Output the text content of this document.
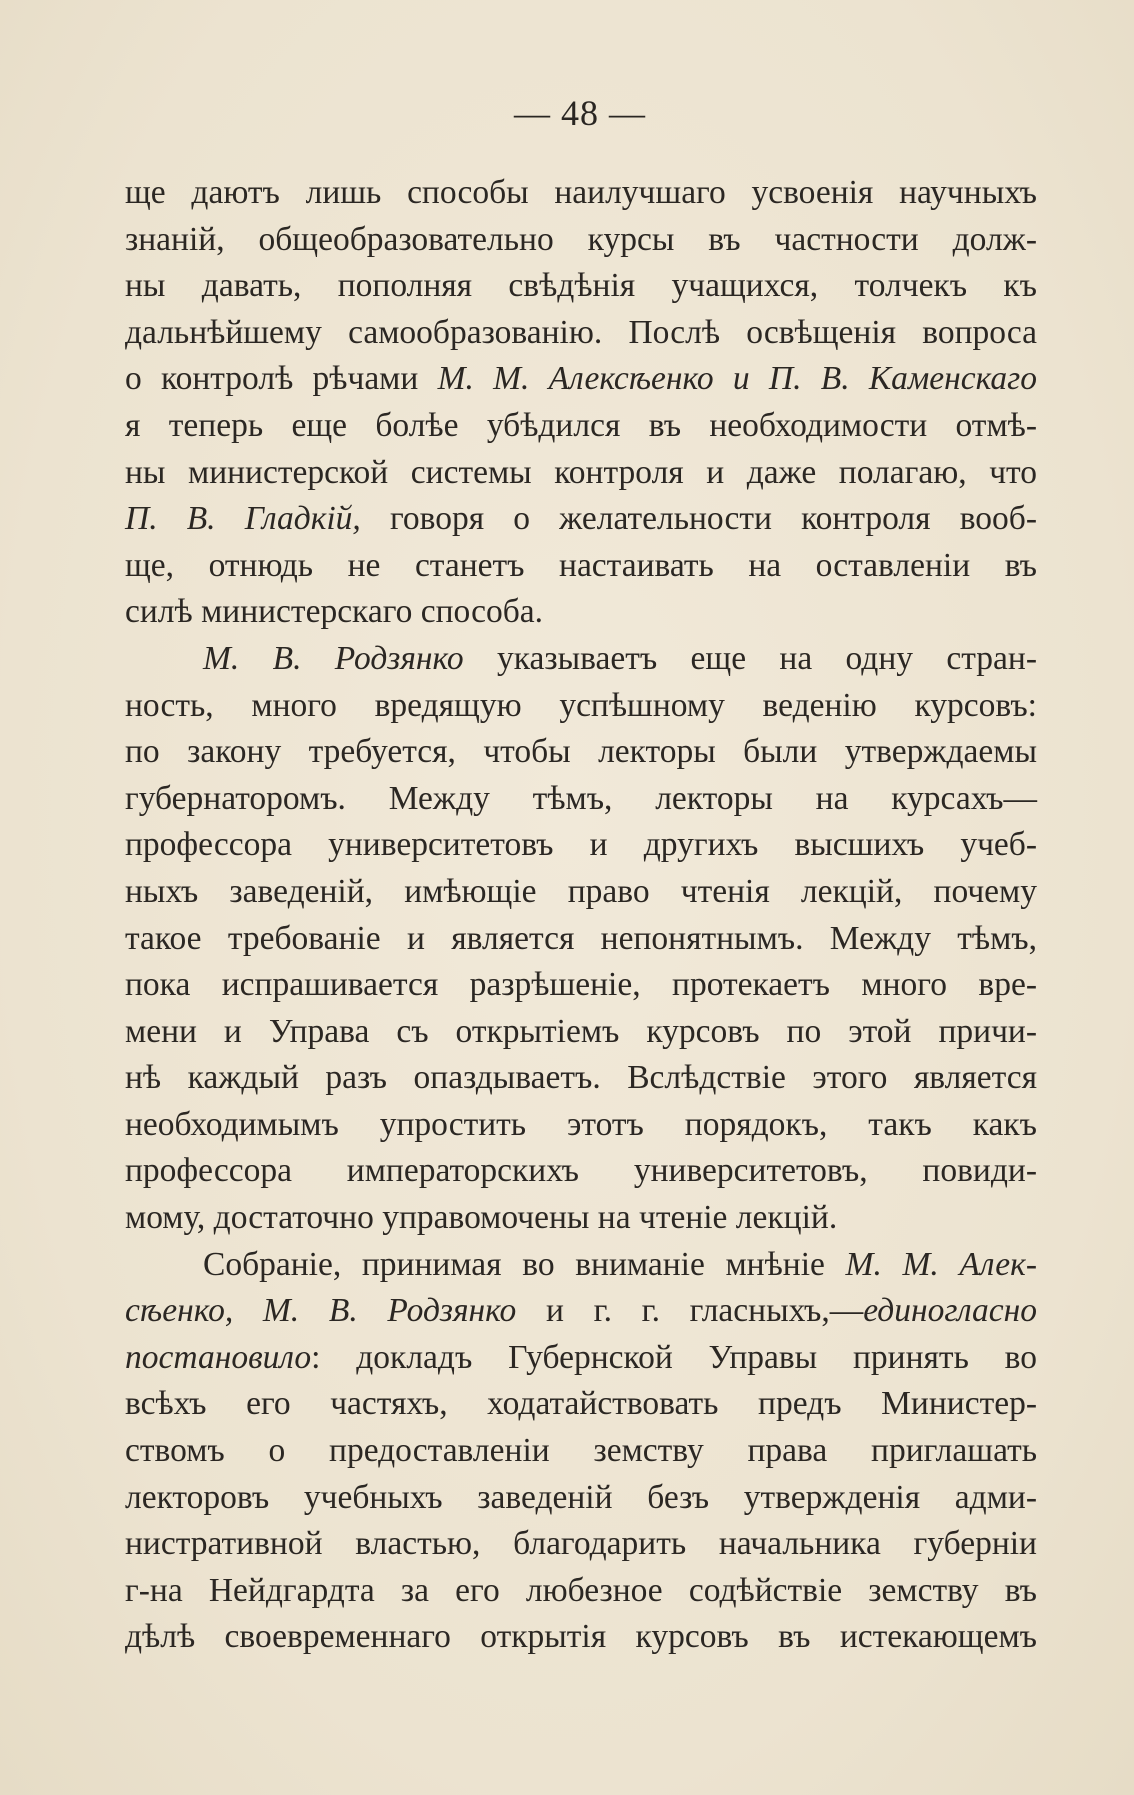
— 48 —
ще даютъ лишь способы наилучшаго усвоенія научныхъ
знаній, общеобразовательно курсы въ частности долж-
ны давать, пополняя свѣдѣнія учащихся, толчекъ къ
дальнѣйшему самообразованію. Послѣ освѣщенія вопроса
о контролѣ рѣчами М. М. Алексѣенко и П. В. Каменскаго
я теперь еще болѣе убѣдился въ необходимости отмѣ-
ны министерской системы контроля и даже полагаю, что
П. В. Гладкій, говоря о желательности контроля вооб-
ще, отнюдь не станетъ настаивать на оставленіи въ
силѣ министерскаго способа.
М. В. Родзянко указываетъ еще на одну стран-
ность, много вредящую успѣшному веденію курсовъ:
по закону требуется, чтобы лекторы были утверждаемы
губернаторомъ. Между тѣмъ, лекторы на курсахъ—
профессора университетовъ и другихъ высшихъ учеб-
ныхъ заведеній, имѣющіе право чтенія лекцій, почему
такое требованіе и является непонятнымъ. Между тѣмъ,
пока испрашивается разрѣшеніе, протекаетъ много вре-
мени и Управа съ открытіемъ курсовъ по этой причи-
нѣ каждый разъ опаздываетъ. Вслѣдствіе этого является
необходимымъ упростить этотъ порядокъ, такъ какъ
профессора императорскихъ университетовъ, повиди-
мому, достаточно управомочены на чтеніе лекцій.
Собраніе, принимая во вниманіе мнѣніе М. М. Алек-
сѣенко, М. В. Родзянко и г. г. гласныхъ,—единогласно
постановило: докладъ Губернской Управы принять во
всѣхъ его частяхъ, ходатайствовать предъ Министер-
ствомъ о предоставленіи земству права приглашать
лекторовъ учебныхъ заведеній безъ утвержденія адми-
нистративной властью, благодарить начальника губерніи
г-на Нейдгардта за его любезное содѣйствіе земству въ
дѣлѣ своевременнаго открытія курсовъ въ истекающемъ
